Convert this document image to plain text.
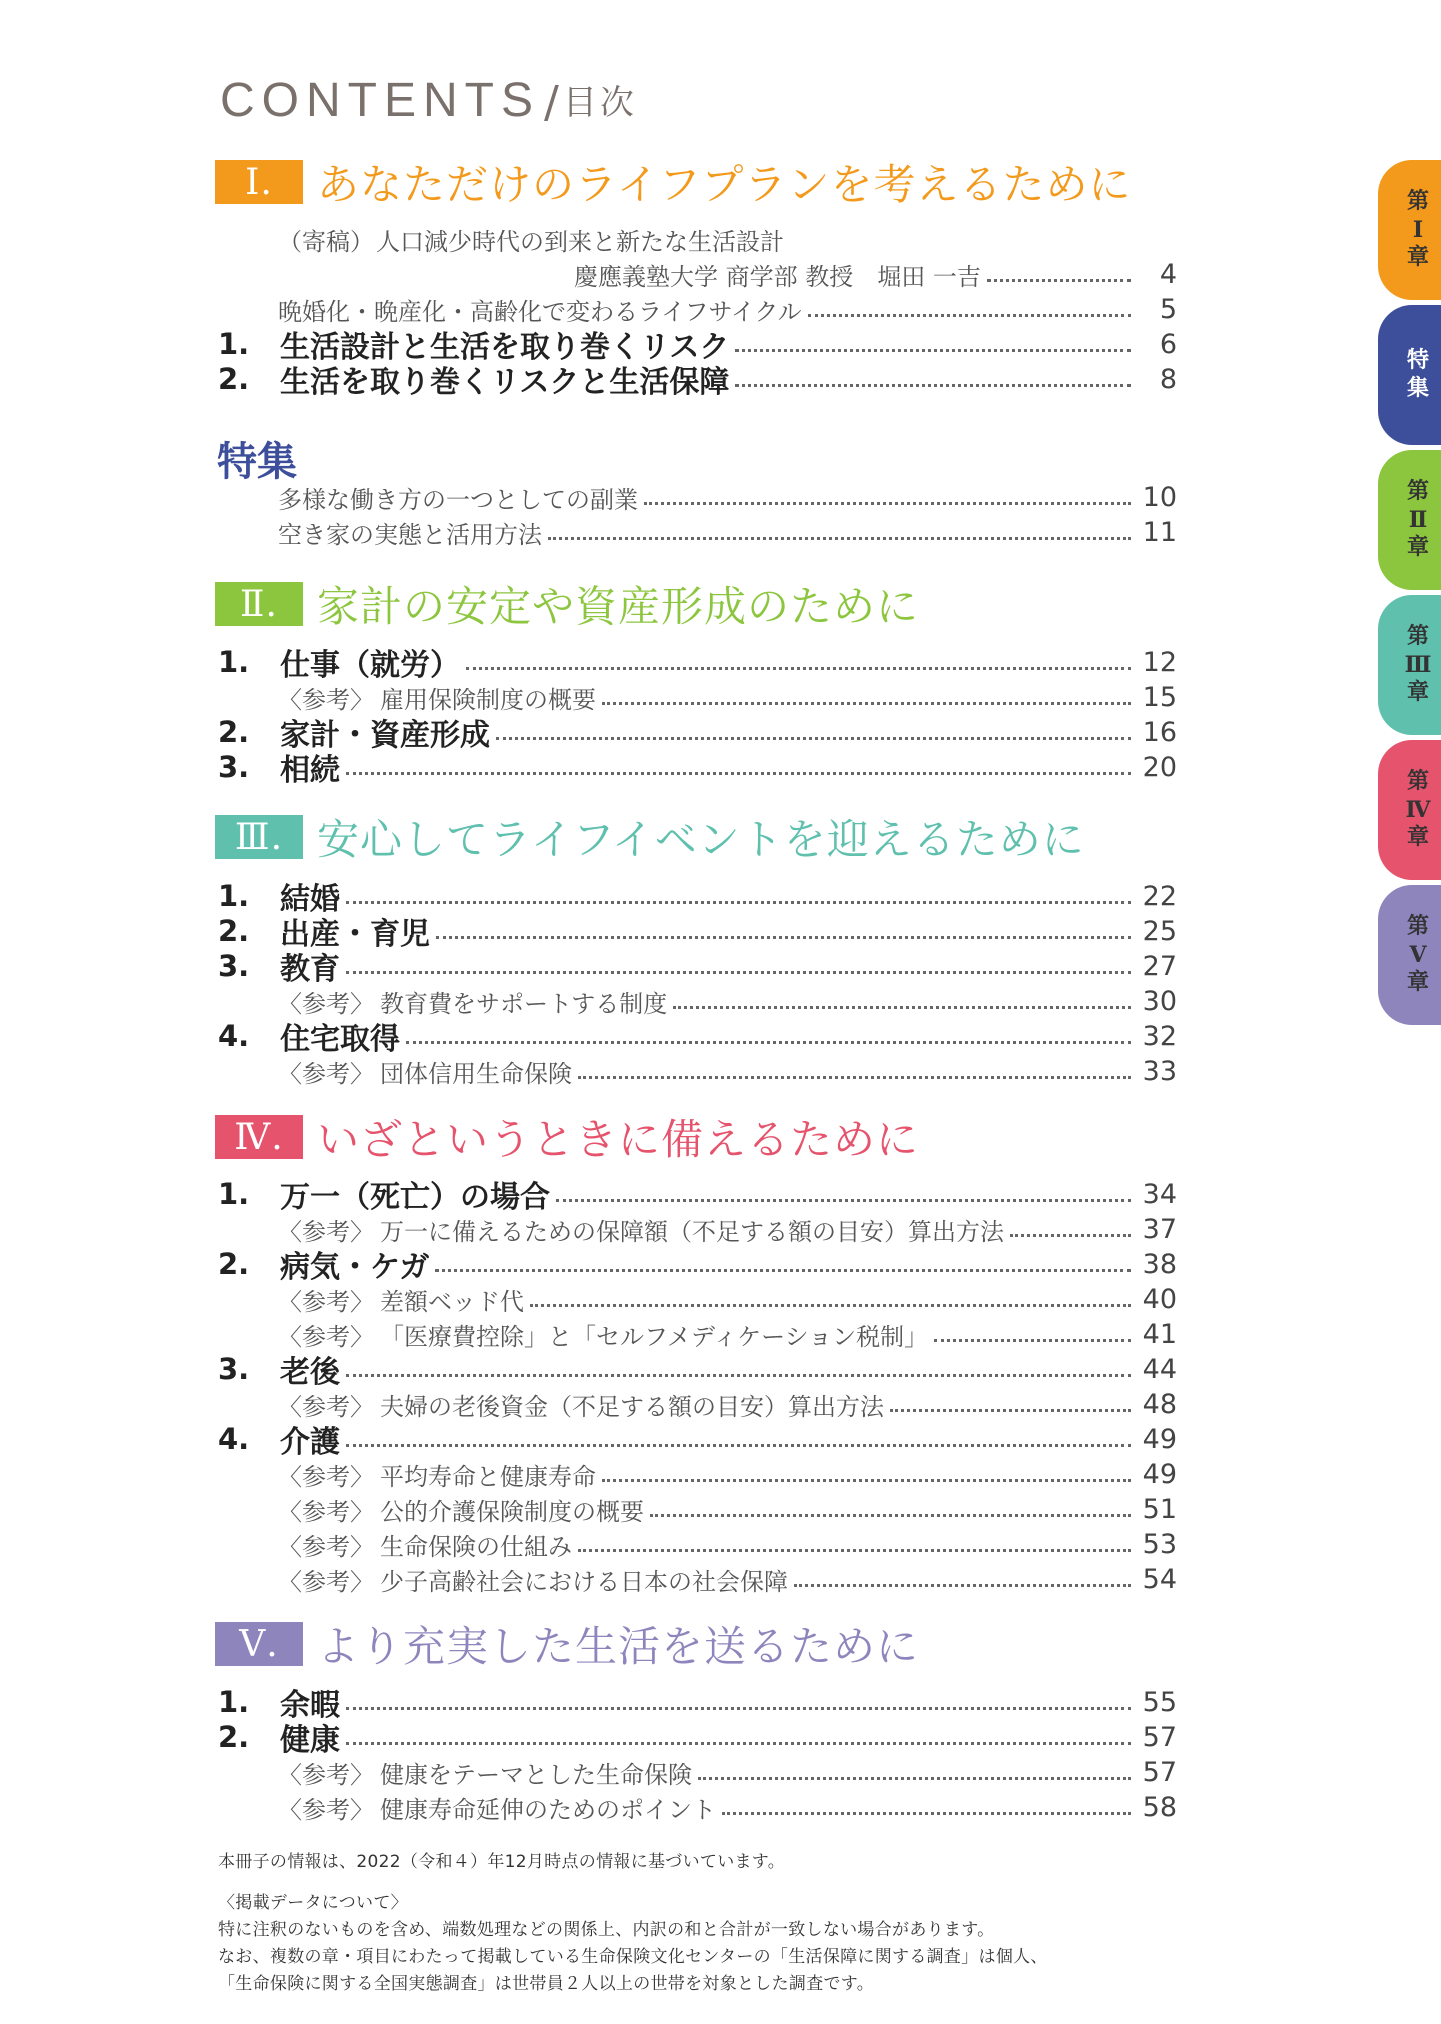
CONTENTS / 目次
Ⅰ.	あなただけのライフプランを考えるために
（寄稿） 人口減少時代の到来と新たな生活設計
慶應義塾大学 商学部 教授　堀田 一吉	4
晩婚化・晩産化・高齢化で変わるライフサイクル	5
1.	生活設計と生活を取り巻くリスク	6
2.	生活を取り巻くリスクと生活保障	8
特集
多様な働き方の一つとしての副業	10
空き家の実態と活用方法	11
Ⅱ. 家計の安定や資産形成のために
1.	仕事（就労）	12
〈参考〉 雇用保険制度の概要	15
2.	家計・資産形成	16
3.	相続	20
Ⅲ. 安心してライフイベントを迎えるために
1.	結婚	22
2.	出産・育児	25
3.	教育	27
〈参考〉 教育費をサポートする制度	30
4.	住宅取得	32
〈参考〉 団体信用生命保険	33
Ⅳ. いざというときに備えるために
1.	万一（死亡）の場合	34
〈参考〉 万一に備えるための保障額（不足する額の目安）算出方法	37
2.	病気・ケガ	38
〈参考〉 差額ベッド代	40
〈参考〉 「医療費控除」と「セルフメディケーション税制」	41
3.	老後	44
〈参考〉 夫婦の老後資金（不足する額の目安）算出方法	48
4.	介護	49
〈参考〉 平均寿命と健康寿命	49
〈参考〉 公的介護保険制度の概要	51
〈参考〉 生命保険の仕組み	53
〈参考〉 少子高齢社会における日本の社会保障	54
Ⅴ. より充実した生活を送るために
1.	余暇	55
2.	健康	57
〈参考〉 健康をテーマとした生命保険	57
〈参考〉 健康寿命延伸のためのポイント	58
本冊子の情報は、2022（令和４）年12月時点の情報に基づいています。
〈掲載データについて〉
特に注釈のないものを含め、端数処理などの関係上、内訳の和と合計が一致しない場合があります。
なお、複数の章・項目にわたって掲載している生命保険文化センターの「生活保障に関する調査」は個人、
「生命保険に関する全国実態調査」は世帯員２人以上の世帯を対象とした調査です。
第
Ⅰ
章
特
集
第
Ⅱ
章
第
Ⅲ
章
第
Ⅳ
章
第
Ⅴ
章
